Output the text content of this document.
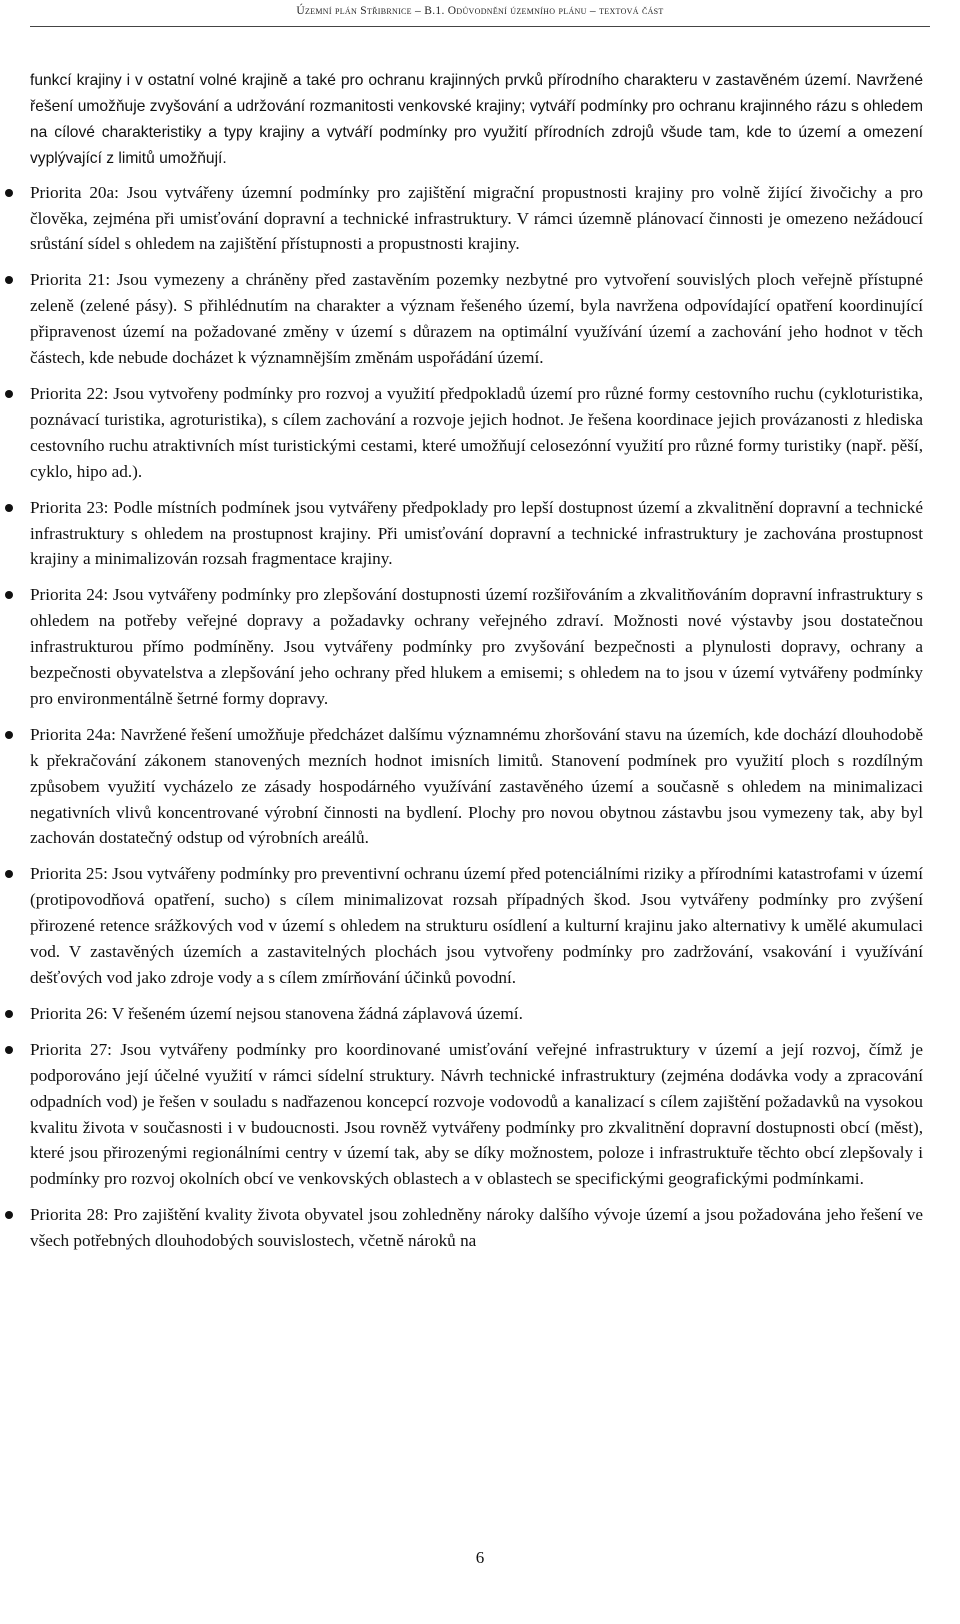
Územní plán Střibrnice – B.1. Odůvodnění územního plánu – textová část

funkcí krajiny i v ostatní volné krajině a také pro ochranu krajinných prvků přírodního charakteru v zastavěném území. Navržené řešení umožňuje zvyšování a udržování rozmanitosti venkovské krajiny; vytváří podmínky pro ochranu krajinného rázu s ohledem na cílové charakteristiky a typy krajiny a vytváří podmínky pro využití přírodních zdrojů všude tam, kde to území a omezení vyplývající z limitů umožňují.

Priorita 20a: Jsou vytvářeny územní podmínky pro zajištění migrační propustnosti krajiny pro volně žijící živočichy a pro člověka, zejména při umisťování dopravní a technické infrastruktury. V rámci územně plánovací činnosti je omezeno nežádoucí srůstání sídel s ohledem na zajištění přístupnosti a propustnosti krajiny.
Priorita 21: Jsou vymezeny a chráněny před zastavěním pozemky nezbytné pro vytvoření souvislých ploch veřejně přístupné zeleně (zelené pásy). S přihlédnutím na charakter a význam řešeného území, byla navržena odpovídající opatření koordinující připravenost území na požadované změny v území s důrazem na optimální využívání území a zachování jeho hodnot v těch částech, kde nebude docházet k významnějším změnám uspořádání území.
Priorita 22: Jsou vytvořeny podmínky pro rozvoj a využití předpokladů území pro různé formy cestovního ruchu (cykloturistika, poznávací turistika, agroturistika), s cílem zachování a rozvoje jejich hodnot. Je řešena koordinace jejich provázanosti z hlediska cestovního ruchu atraktivních míst turistickými cestami, které umožňují celosezónní využití pro různé formy turistiky (např. pěší, cyklo, hipo ad.).
Priorita 23: Podle místních podmínek jsou vytvářeny předpoklady pro lepší dostupnost území a zkvalitnění dopravní a technické infrastruktury s ohledem na prostupnost krajiny. Při umisťování dopravní a technické infrastruktury je zachována prostupnost krajiny a minimalizován rozsah fragmentace krajiny.
Priorita 24: Jsou vytvářeny podmínky pro zlepšování dostupnosti území rozšiřováním a zkvalitňováním dopravní infrastruktury s ohledem na potřeby veřejné dopravy a požadavky ochrany veřejného zdraví. Možnosti nové výstavby jsou dostatečnou infrastrukturou přímo podmíněny. Jsou vytvářeny podmínky pro zvyšování bezpečnosti a plynulosti dopravy, ochrany a bezpečnosti obyvatelstva a zlepšování jeho ochrany před hlukem a emisemi; s ohledem na to jsou v území vytvářeny podmínky pro environmentálně šetrné formy dopravy.
Priorita 24a: Navržené řešení umožňuje předcházet dalšímu významnému zhoršování stavu na územích, kde dochází dlouhodobě k překračování zákonem stanovených mezních hodnot imisních limitů. Stanovení podmínek pro využití ploch s rozdílným způsobem využití vycházelo ze zásady hospodárného využívání zastavěného území a současně s ohledem na minimalizaci negativních vlivů koncentrované výrobní činnosti na bydlení. Plochy pro novou obytnou zástavbu jsou vymezeny tak, aby byl zachován dostatečný odstup od výrobních areálů.
Priorita 25: Jsou vytvářeny podmínky pro preventivní ochranu území před potenciálními riziky a přírodními katastrofami v území (protipovodňová opatření, sucho) s cílem minimalizovat rozsah případných škod. Jsou vytvářeny podmínky pro zvýšení přirozené retence srážkových vod v území s ohledem na strukturu osídlení a kulturní krajinu jako alternativy k umělé akumulaci vod. V zastavěných územích a zastavitelných plochách jsou vytvořeny podmínky pro zadržování, vsakování i využívání dešťových vod jako zdroje vody a s cílem zmírňování účinků povodní.
Priorita 26: V řešeném území nejsou stanovena žádná záplavová území.
Priorita 27: Jsou vytvářeny podmínky pro koordinované umisťování veřejné infrastruktury v území a její rozvoj, čímž je podporováno její účelné využití v rámci sídelní struktury. Návrh technické infrastruktury (zejména dodávka vody a zpracování odpadních vod) je řešen v souladu s nadřazenou koncepcí rozvoje vodovodů a kanalizací s cílem zajištění požadavků na vysokou kvalitu života v současnosti i v budoucnosti. Jsou rovněž vytvářeny podmínky pro zkvalitnění dopravní dostupnosti obcí (měst), které jsou přirozenými regionálními centry v území tak, aby se díky možnostem, poloze i infrastruktuře těchto obcí zlepšovaly i podmínky pro rozvoj okolních obcí ve venkovských oblastech a v oblastech se specifickými geografickými podmínkami.
Priorita 28: Pro zajištění kvality života obyvatel jsou zohledněny nároky dalšího vývoje území a jsou požadována jeho řešení ve všech potřebných dlouhodobých souvislostech, včetně nároků na
6
